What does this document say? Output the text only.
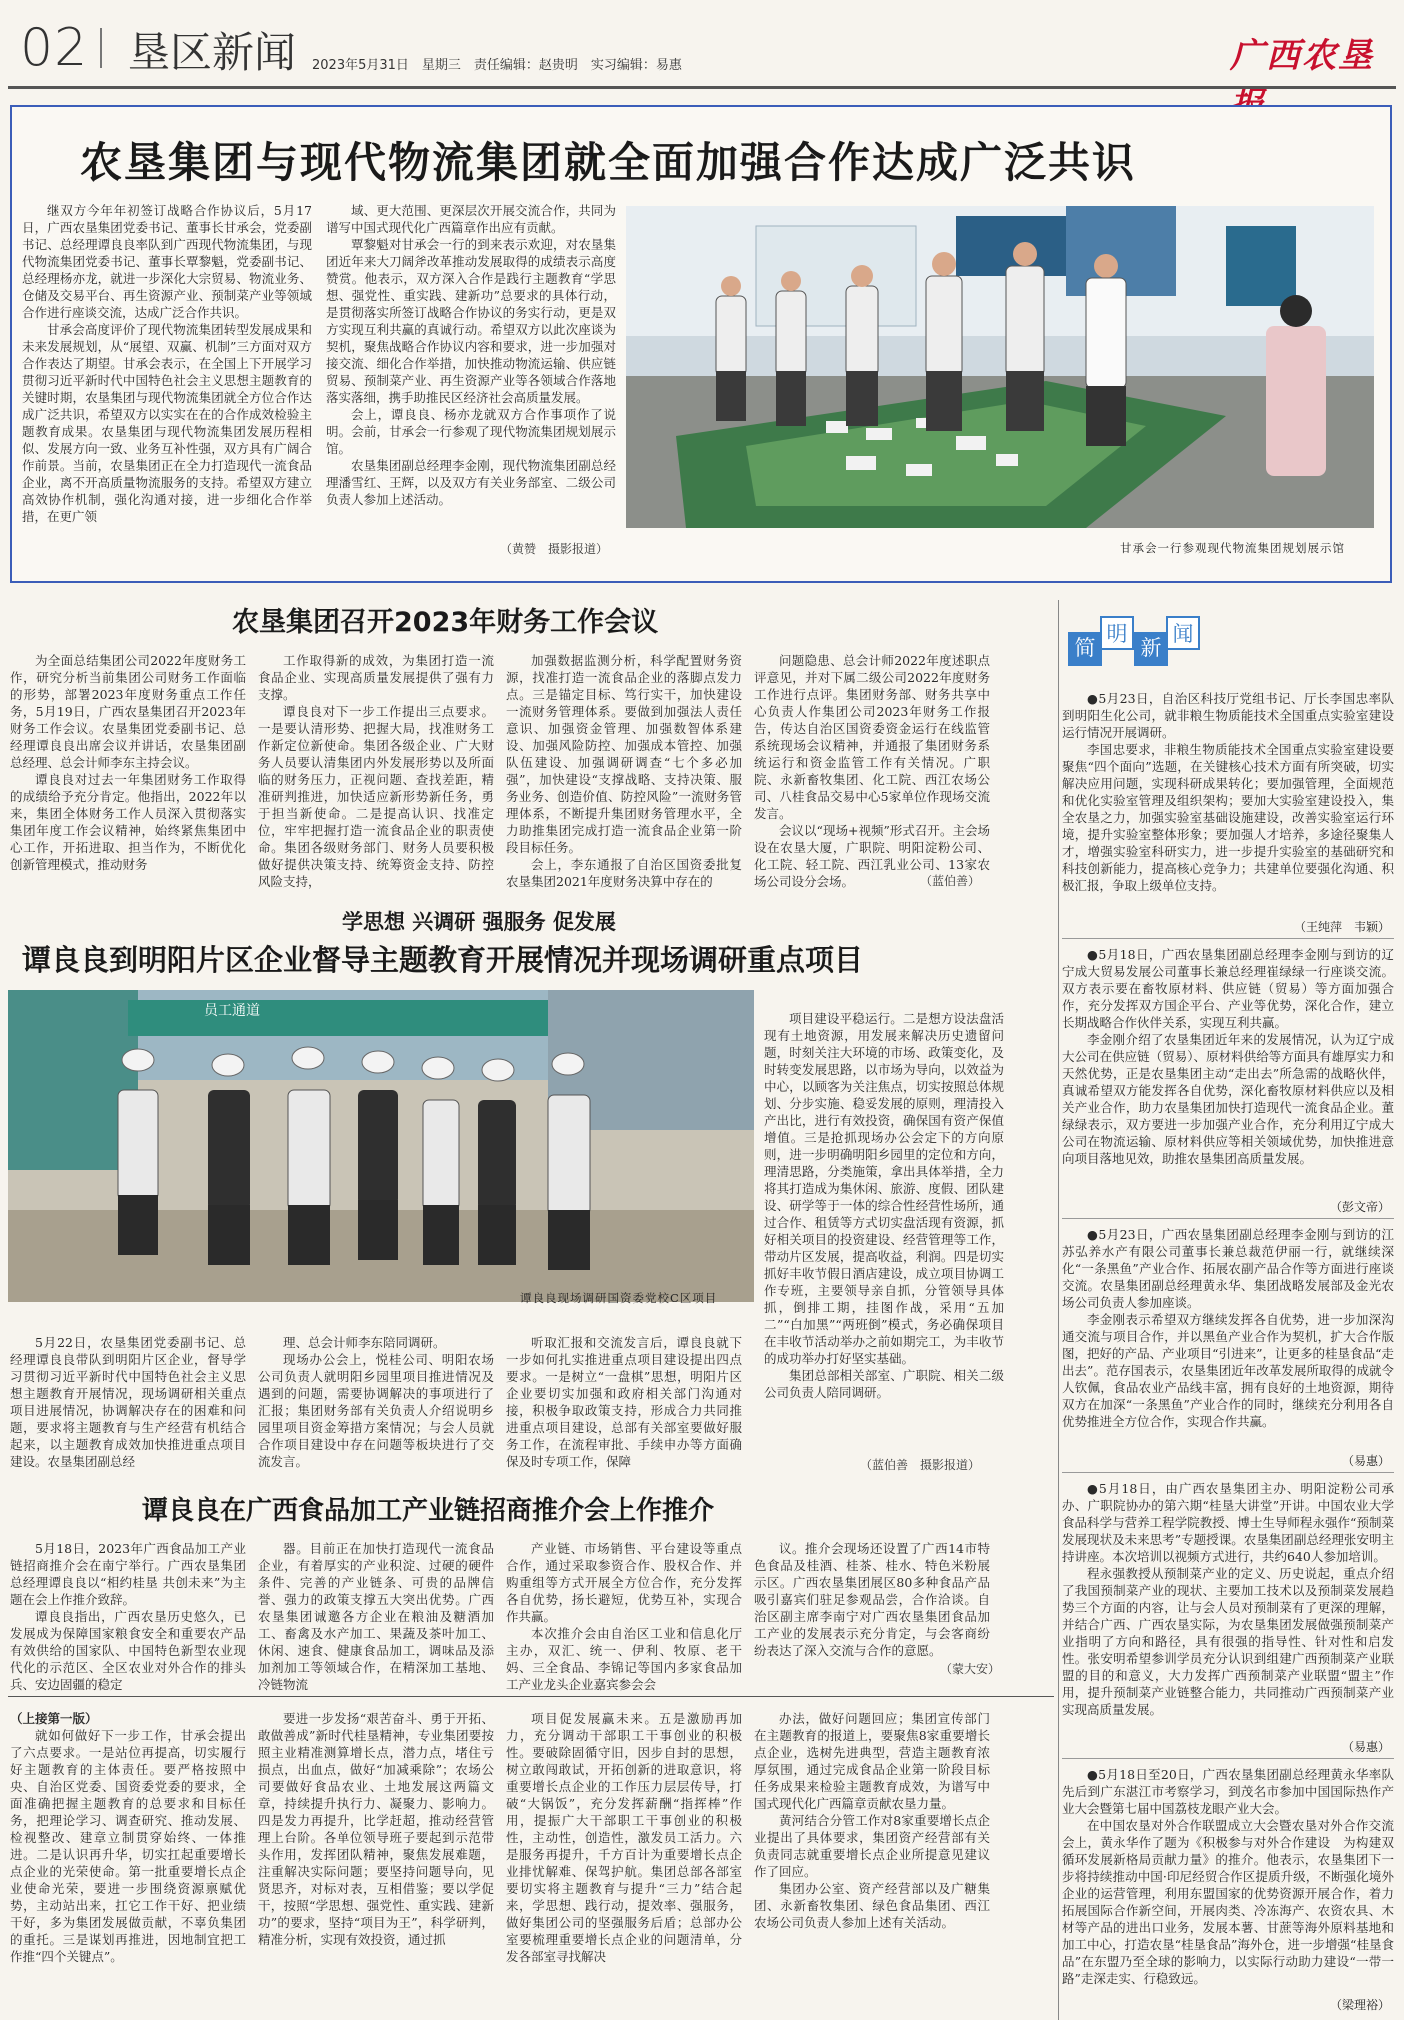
02 垦区新闻 2023年5月31日　星期三　责任编辑：赵贵明　实习编辑：易惠	广西农垦
农垦集团与现代物流集团就全面加强合作达成广泛共识

继双方今年年初签订战略合作协议后，5月17日，广西农垦集团党委书记、董事长甘承会，党委副书记、总经理谭良良率队到广西现代物流集团，与现代物流集团党委书记、董事长覃黎魁，党委副书记、总经理杨亦龙，就进一步深化大宗贸易、物流业务、仓储及交易平台、再生资源产业、预制菜产业等领域合作进行座谈交流，达成广泛合作共识。

甘承会高度评价了现代物流集团转型发展成果和未来发展规划，从“展望、双赢、机制”三方面对双方合作表达了期望。甘承会表示，在全国上下开展学习贯彻习近平新时代中国特色社会主义思想主题教育的关键时期，农垦集团与现代物流集团就全方位合作达成广泛共识，希望双方以实实在在的合作成效检验主题教育成果。农垦集团与现代物流集团发展历程相似、发展方向一致、业务互补性强，双方具有广阔合作前景。当前，农垦集团正在全力打造现代一流食品企业，离不开高质量物流服务的支持。希望双方建立高效协作机制，强化沟通对接，进一步细化合作举措，在更广领

域、更大范围、更深层次开展交流合作，共同为谱写中国式现代化广西篇章作出应有贡献。

覃黎魁对甘承会一行的到来表示欢迎，对农垦集团近年来大刀阔斧改革推动发展取得的成绩表示高度赞赏。他表示，双方深入合作是践行主题教育“学思想、强党性、重实践、建新功”总要求的具体行动，是贯彻落实所签订战略合作协议的务实行动，更是双方实现互利共赢的真诚行动。希望双方以此次座谈为契机，聚焦战略合作协议内容和要求，进一步加强对接交流、细化合作举措，加快推动物流运输、供应链贸易、预制菜产业、再生资源产业等各领域合作落地落实落细，携手助推民区经济社会高质量发展。

会上，谭良良、杨亦龙就双方合作事项作了说明。会前，甘承会一行参观了现代物流集团规划展示馆。

农垦集团副总经理李金刚，现代物流集团副总经理潘雪红、王辉，以及双方有关业务部室、二级公司负责人参加上述活动。

（黄赞　摄影报道）	甘承会一行参观现代物流集团规划展示馆
农垦集团召开2023年财务工作会议

为全面总结集团公司2022年度财务工作，研究分析当前集团公司财务工作面临的形势，部署2023年度财务重点工作任务，5月19日，广西农垦集团召开2023年财务工作会议。农垦集团党委副书记、总经理谭良良出席会议并讲话，农垦集团副总经理、总会计师李东主持会议。

谭良良对过去一年集团财务工作取得的成绩给予充分肯定。他指出，2022年以来，集团全体财务工作人员深入贯彻落实集团年度工作会议精神，始终紧焦集团中心工作，开拓进取、担当作为，不断优化创新管理模式，推动财务

工作取得新的成效，为集团打造一流食品企业、实现高质量发展提供了强有力支撑。

谭良良对下一步工作提出三点要求。一是要认清形势、把握大局，找准财务工作新定位新使命。集团各级企业、广大财务人员要认清集团内外发展形势以及所面临的财务压力，正视问题、查找差距，精准研判推进，加快适应新形势新任务，勇于担当新使命。二是提高认识、找准定位，牢牢把握打造一流食品企业的职责使命。集团各级财务部门、财务人员要积极做好提供决策支持、统筹资金支持、防控风险支持，

加强数据监测分析，科学配置财务资源，找准打造一流食品企业的落脚点发力点。三是锚定目标、笃行实干，加快建设一流财务管理体系。要做到加强法人责任意识、加强资金管理、加强数智体系建设、加强风险防控、加强成本管控、加强队伍建设、加强调研调查“七个多必加强”，加快建设“支撑战略、支持决策、服务业务、创造价值、防控风险”一流财务管理体系，不断提升集团财务管理水平，全力助推集团完成打造一流食品企业第一阶段目标任务。

会上，李东通报了自治区国资委批复农垦集团2021年度财务决算中存在的

问题隐患、总会计师2022年度述职点评意见，并对下属二级公司2022年度财务工作进行点评。集团财务部、财务共享中心负责人作集团公司2023年财务工作报告，传达自治区国资委资金运行在线监管系统现场会议精神，并通报了集团财务系统运行和资金监管工作有关情况。广职院、永新畜牧集团、化工院、西江农场公司、八桂食品交易中心5家单位作现场交流发言。

会议以“现场+视频”形式召开。主会场设在农垦大厦，广职院、明阳淀粉公司、化工院、轻工院、西江乳业公司、13家农场公司设分会场。	（蓝伯善）
学思想 兴调研 强服务 促发展
谭良良到明阳片区企业督导主题教育开展情况并现场调研重点项目
员工通道
谭良良现场调研国资委党校C区项目

项目建设平稳运行。二是想方设法盘活现有土地资源，用发展来解决历史遗留问题，时刻关注大环境的市场、政策变化，及时转变发展思路，以市场为导向，以效益为中心，以顾客为关注焦点，切实按照总体规划、分步实施、稳妥发展的原则，理清投入产出比，进行有效投资，确保国有资产保值增值。三是抢抓现场办公会定下的方向原则，进一步明确明阳乡园里的定位和方向，理清思路，分类施策，拿出具体举措，全力将其打造成为集休闲、旅游、度假、团队建设、研学等于一体的综合性经营性场所，通过合作、租赁等方式切实盘活现有资源，抓好相关项目的投资建设、经营管理等工作，带动片区发展，提高收益，利润。四是切实抓好丰收节假日酒店建设，成立项目协调工作专班，主要领导亲自抓，分管领导具体抓，倒排工期，挂图作战，采用“五加二”“白加黑”“两班倒”模式，务必确保项目在丰收节活动举办之前如期完工，为丰收节的成功举办打好坚实基础。

集团总部相关部室、广职院、相关二级公司负责人陪同调研。

5月22日，农垦集团党委副书记、总经理谭良良带队到明阳片区企业，督导学习贯彻习近平新时代中国特色社会主义思想主题教育开展情况，现场调研相关重点项目进展情况，协调解决存在的困难和问题，要求将主题教育与生产经营有机结合起来，以主题教育成效加快推进重点项目建设。农垦集团副总经

理、总会计师李东陪同调研。

现场办公会上，悦桂公司、明阳农场公司负责人就明阳乡园里项目推进情况及遇到的问题，需要协调解决的事项进行了汇报；集团财务部有关负责人介绍说明乡园里项目资金筹措方案情况；与会人员就合作项目建设中存在问题等板块进行了交流发言。

听取汇报和交流发言后，谭良良就下一步如何扎实推进重点项目建设提出四点要求。一是树立“一盘棋”思想，明阳片区企业要切实加强和政府相关部门沟通对接，积极争取政策支持，形成合力共同推进重点项目建设，总部有关部室要做好服务工作，在流程审批、手续申办等方面确保及时专项工作，保障	（蓝伯善　摄影报道）
谭良良在广西食品加工产业链招商推介会上作推介

5月18日，2023年广西食品加工产业链招商推介会在南宁举行。广西农垦集团总经理谭良良以“相约桂垦 共创未来”为主题在会上作推介致辞。

谭良良指出，广西农垦历史悠久，已发展成为保障国家粮食安全和重要农产品有效供给的国家队、中国特色新型农业现代化的示范区、全区农业对外合作的排头兵、安边固疆的稳定

器。目前正在加快打造现代一流食品企业，有着厚实的产业积淀、过硬的硬件条件、完善的产业链条、可贵的品牌信誉、强力的政策支撑五大突出优势。广西农垦集团诚邀各方企业在粮油及糖酒加工、畜禽及水产加工、果蔬及茶叶加工、休闲、速食、健康食品加工，调味品及添加剂加工等领域合作，在精深加工基地、冷链物流

产业链、市场销售、平台建设等重点合作，通过采取参资合作、股权合作、并购重组等方式开展全方位合作，充分发挥各自优势，扬长避短，优势互补，实现合作共赢。

本次推介会由自治区工业和信息化厅主办，双汇、统一、伊利、牧原、老干妈、三全食品、李锦记等国内多家食品加工产业龙头企业嘉宾参会会

议。推介会现场还设置了广西14市特色食品及桂酒、桂茶、桂水、特色米粉展示区。广西农垦集团展区80多种食品产品吸引嘉宾们驻足参观品尝，合作洽谈。自治区副主席李南宁对广西农垦集团食品加工产业的发展表示充分肯定，与会客商纷纷表达了深入交流与合作的意愿。

（蒙大安）
（上接第一版）

就如何做好下一步工作，甘承会提出了六点要求。一是站位再提高，切实履行好主题教育的主体责任。要严格按照中央、自治区党委、国资委党委的要求，全面准确把握主题教育的总要求和目标任务，把理论学习、调查研究、推动发展、检视整改、建章立制贯穿始终、一体推进。二是认识再升华，切实扛起重要增长点企业的光荣使命。第一批重要增长点企业使命光荣，要进一步围绕资源禀赋优势，主动站出来，扛它工作干好、把业绩干好，多为集团发展做贡献，不辜负集团的重托。三是谋划再推进，因地制宜把工作推“四个关键点”。

要进一步发扬“艰苦奋斗、勇于开拓、敢做善成”新时代桂垦精神，专业集团要按照主业精准测算增长点，潜力点，堵住亏损点，出血点，做好“加减乘除”；农场公司要做好食品农业、土地发展这两篇文章，持续提升执行力、凝聚力、影响力。四是发力再提升，比学赶超，推动经营管理上台阶。各单位领导班子要起到示范带头作用，发挥团队精神，聚焦发展难题，注重解决实际问题；要坚持问题导向，见贤思齐，对标对表，互相借鉴；要以学促干，按照“学思想、强党性、重实践、建新功”的要求，坚持“项目为王”，科学研判，精准分析，实现有效投资，通过抓

项目促发展赢未来。五是激励再加力，充分调动干部职工干事创业的积极性。要破除固循守旧，因步自封的思想，树立敢闯敢试，开拓创新的进取意识，将重要增长点企业的工作压力层层传导，打破“大锅饭”，充分发挥薪酬“指挥棒”作用，提振广大干部职工干事创业的积极性，主动性，创造性，激发员工活力。六是服务再提升，千方百计为重要增长点企业排忧解难、保驾护航。集团总部各部室要切实将主题教育与提升“三力”结合起来，学思想、践行动，提效率、强服务，做好集团公司的坚强服务后盾；总部办公室要梳理重要增长点企业的问题清单，分发各部室寻找解决

办法，做好问题回应；集团宣传部门在主题教育的报道上，要聚焦8家重要增长点企业，选树先进典型，营造主题教育浓厚氛围，通过完成食品企业第一阶段目标任务成果来检验主题教育成效，为谱写中国式现代化广西篇章贡献农垦力量。

黄河结合分管工作对8家重要增长点企业提出了具体要求，集团资产经营部有关负责同志就重要增长点企业所提意见建议作了回应。

集团办公室、资产经营部以及广糖集团、永新畜牧集团、绿色食品集团、西江农场公司负责人参加上述有关活动。

简
明
新
闻

●5月23日，自治区科技厅党组书记、厅长李国忠率队到明阳生化公司，就非粮生物质能技术全国重点实验室建设运行情况开展调研。

李国忠要求，非粮生物质能技术全国重点实验室建设要聚焦“四个面向”选题，在关键核心技术方面有所突破，切实解决应用问题，实现科研成果转化；要加强管理，全面规范和优化实验室管理及组织架构；要加大实验室建设投入，集全农垦之力，加强实验室基础设施建设，改善实验室运行环境，提升实验室整体形象；要加强人才培养，多途径聚集人才，增强实验室科研实力，进一步提升实验室的基础研究和科技创新能力，提高核心竞争力；共建单位要强化沟通、积极汇报，争取上级单位支持。

（王纯萍　韦颖）

●5月18日，广西农垦集团副总经理李金刚与到访的辽宁成大贸易发展公司董事长兼总经理崔绿绿一行座谈交流。双方表示要在畜牧原材料、供应链（贸易）等方面加强合作，充分发挥双方国企平台、产业等优势，深化合作，建立长期战略合作伙伴关系，实现互利共赢。

李金刚介绍了农垦集团近年来的发展情况，认为辽宁成大公司在供应链（贸易）、原材料供给等方面具有雄厚实力和天然优势，正是农垦集团主动“走出去”所急需的战略伙伴，真诚希望双方能发挥各自优势，深化畜牧原材料供应以及相关产业合作，助力农垦集团加快打造现代一流食品企业。董绿绿表示，双方要进一步加强产业合作，充分利用辽宁成大公司在物流运输、原材料供应等相关领域优势，加快推进意向项目落地见效，助推农垦集团高质量发展。

（彭文帝）

●5月23日，广西农垦集团副总经理李金刚与到访的江苏弘养水产有限公司董事长兼总裁范伊丽一行，就继续深化“一条黑鱼”产业合作、拓展农副产品合作等方面进行座谈交流。农垦集团副总经理黄永华、集团战略发展部及金光农场公司负责人参加座谈。

李金刚表示希望双方继续发挥各自优势，进一步加深沟通交流与项目合作，并以黑鱼产业合作为契机，扩大合作版图，把好的产品、产业项目“引进来”，让更多的桂垦食品“走出去”。范存国表示，农垦集团近年改革发展所取得的成就令人钦佩，食品农业产品线丰富，拥有良好的土地资源，期待双方在加深“一条黑鱼”产业合作的同时，继续充分利用各自优势推进全方位合作，实现合作共赢。

（易惠）

●5月18日，由广西农垦集团主办、明阳淀粉公司承办、广职院协办的第六期“桂垦大讲堂”开讲。中国农业大学食品科学与营养工程学院教授、博士生导师程永强作“预制菜发展现状及未来思考”专题授课。农垦集团副总经理张安明主持讲座。本次培训以视频方式进行，共约640人参加培训。

程永强教授从预制菜产业的定义、历史说起，重点介绍了我国预制菜产业的现状、主要加工技术以及预制菜发展趋势三个方面的内容，让与会人员对预制菜有了更深的理解，并结合广西、广西农垦实际，为农垦集团发展做强预制菜产业指明了方向和路径，具有很强的指导性、针对性和启发性。张安明希望参训学员充分认识到组建广西预制菜产业联盟的目的和意义，大力发挥广西预制菜产业联盟“盟主”作用，提升预制菜产业链整合能力，共同推动广西预制菜产业实现高质量发展。

（易惠）

●5月18日至20日，广西农垦集团副总经理黄永华率队先后到广东湛江市考察学习，到茂名市参加中国国际热作产业大会暨第七届中国荔枝龙眼产业大会。

在中国农垦对外合作联盟成立大会暨农垦对外合作交流会上，黄永华作了题为《积极参与对外合作建设　为构建双循环发展新格局贡献力量》的推介。他表示，农垦集团下一步将持续推动中国·印尼经贸合作区提质升级，不断强化境外企业的运营管理，利用东盟国家的优势资源开展合作，着力拓展国际合作新空间，开展肉类、冷冻海产、农资农具、木材等产品的进出口业务，发展本薯、甘蔗等海外原料基地和加工中心，打造农垦“桂垦食品”海外仓，进一步增强“桂垦食品”在东盟乃至全球的影响力，以实际行动助力建设“一带一路”走深走实、行稳致远。

（梁理裕）
